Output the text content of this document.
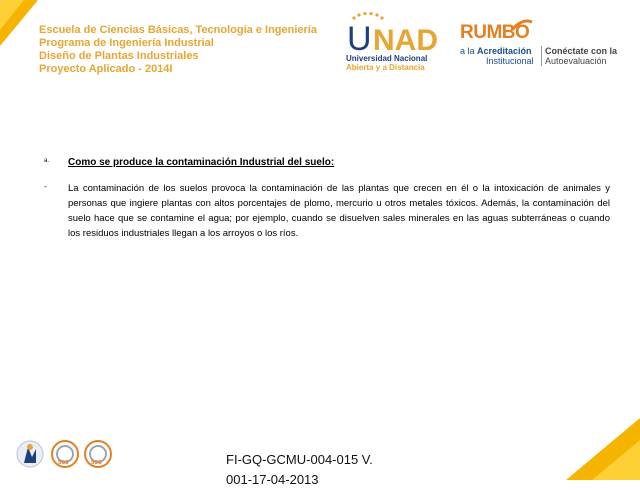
Escuela de Ciencias Básicas, Tecnología e Ingeniería
Programa de Ingeniería Industrial
Diseño de Plantas Industriales
Proyecto Aplicado - 2014I
U NAD
Universidad Nacional
Abierta y a Distancia
RUMBO
a la Acreditación
Institucional
Conéctate con la
Autoevaluación
a. Como se produce la contaminación Industrial del suelo:
- La contaminación de los suelos provoca la contaminación de las plantas que crecen en él o la intoxicación de animales y personas que ingiere plantas con altos porcentajes de plomo, mercurio u otros metales tóxicos. Además, la contaminación del suelo hace que se contamine el agua; por ejemplo, cuando se disuelven sales minerales en las aguas subterráneas o cuando los residuos industriales llegan a los arroyos o los ríos.
SGS	SGS	FI-GQ-GCMU-004-015 V.
001-17-04-2013
